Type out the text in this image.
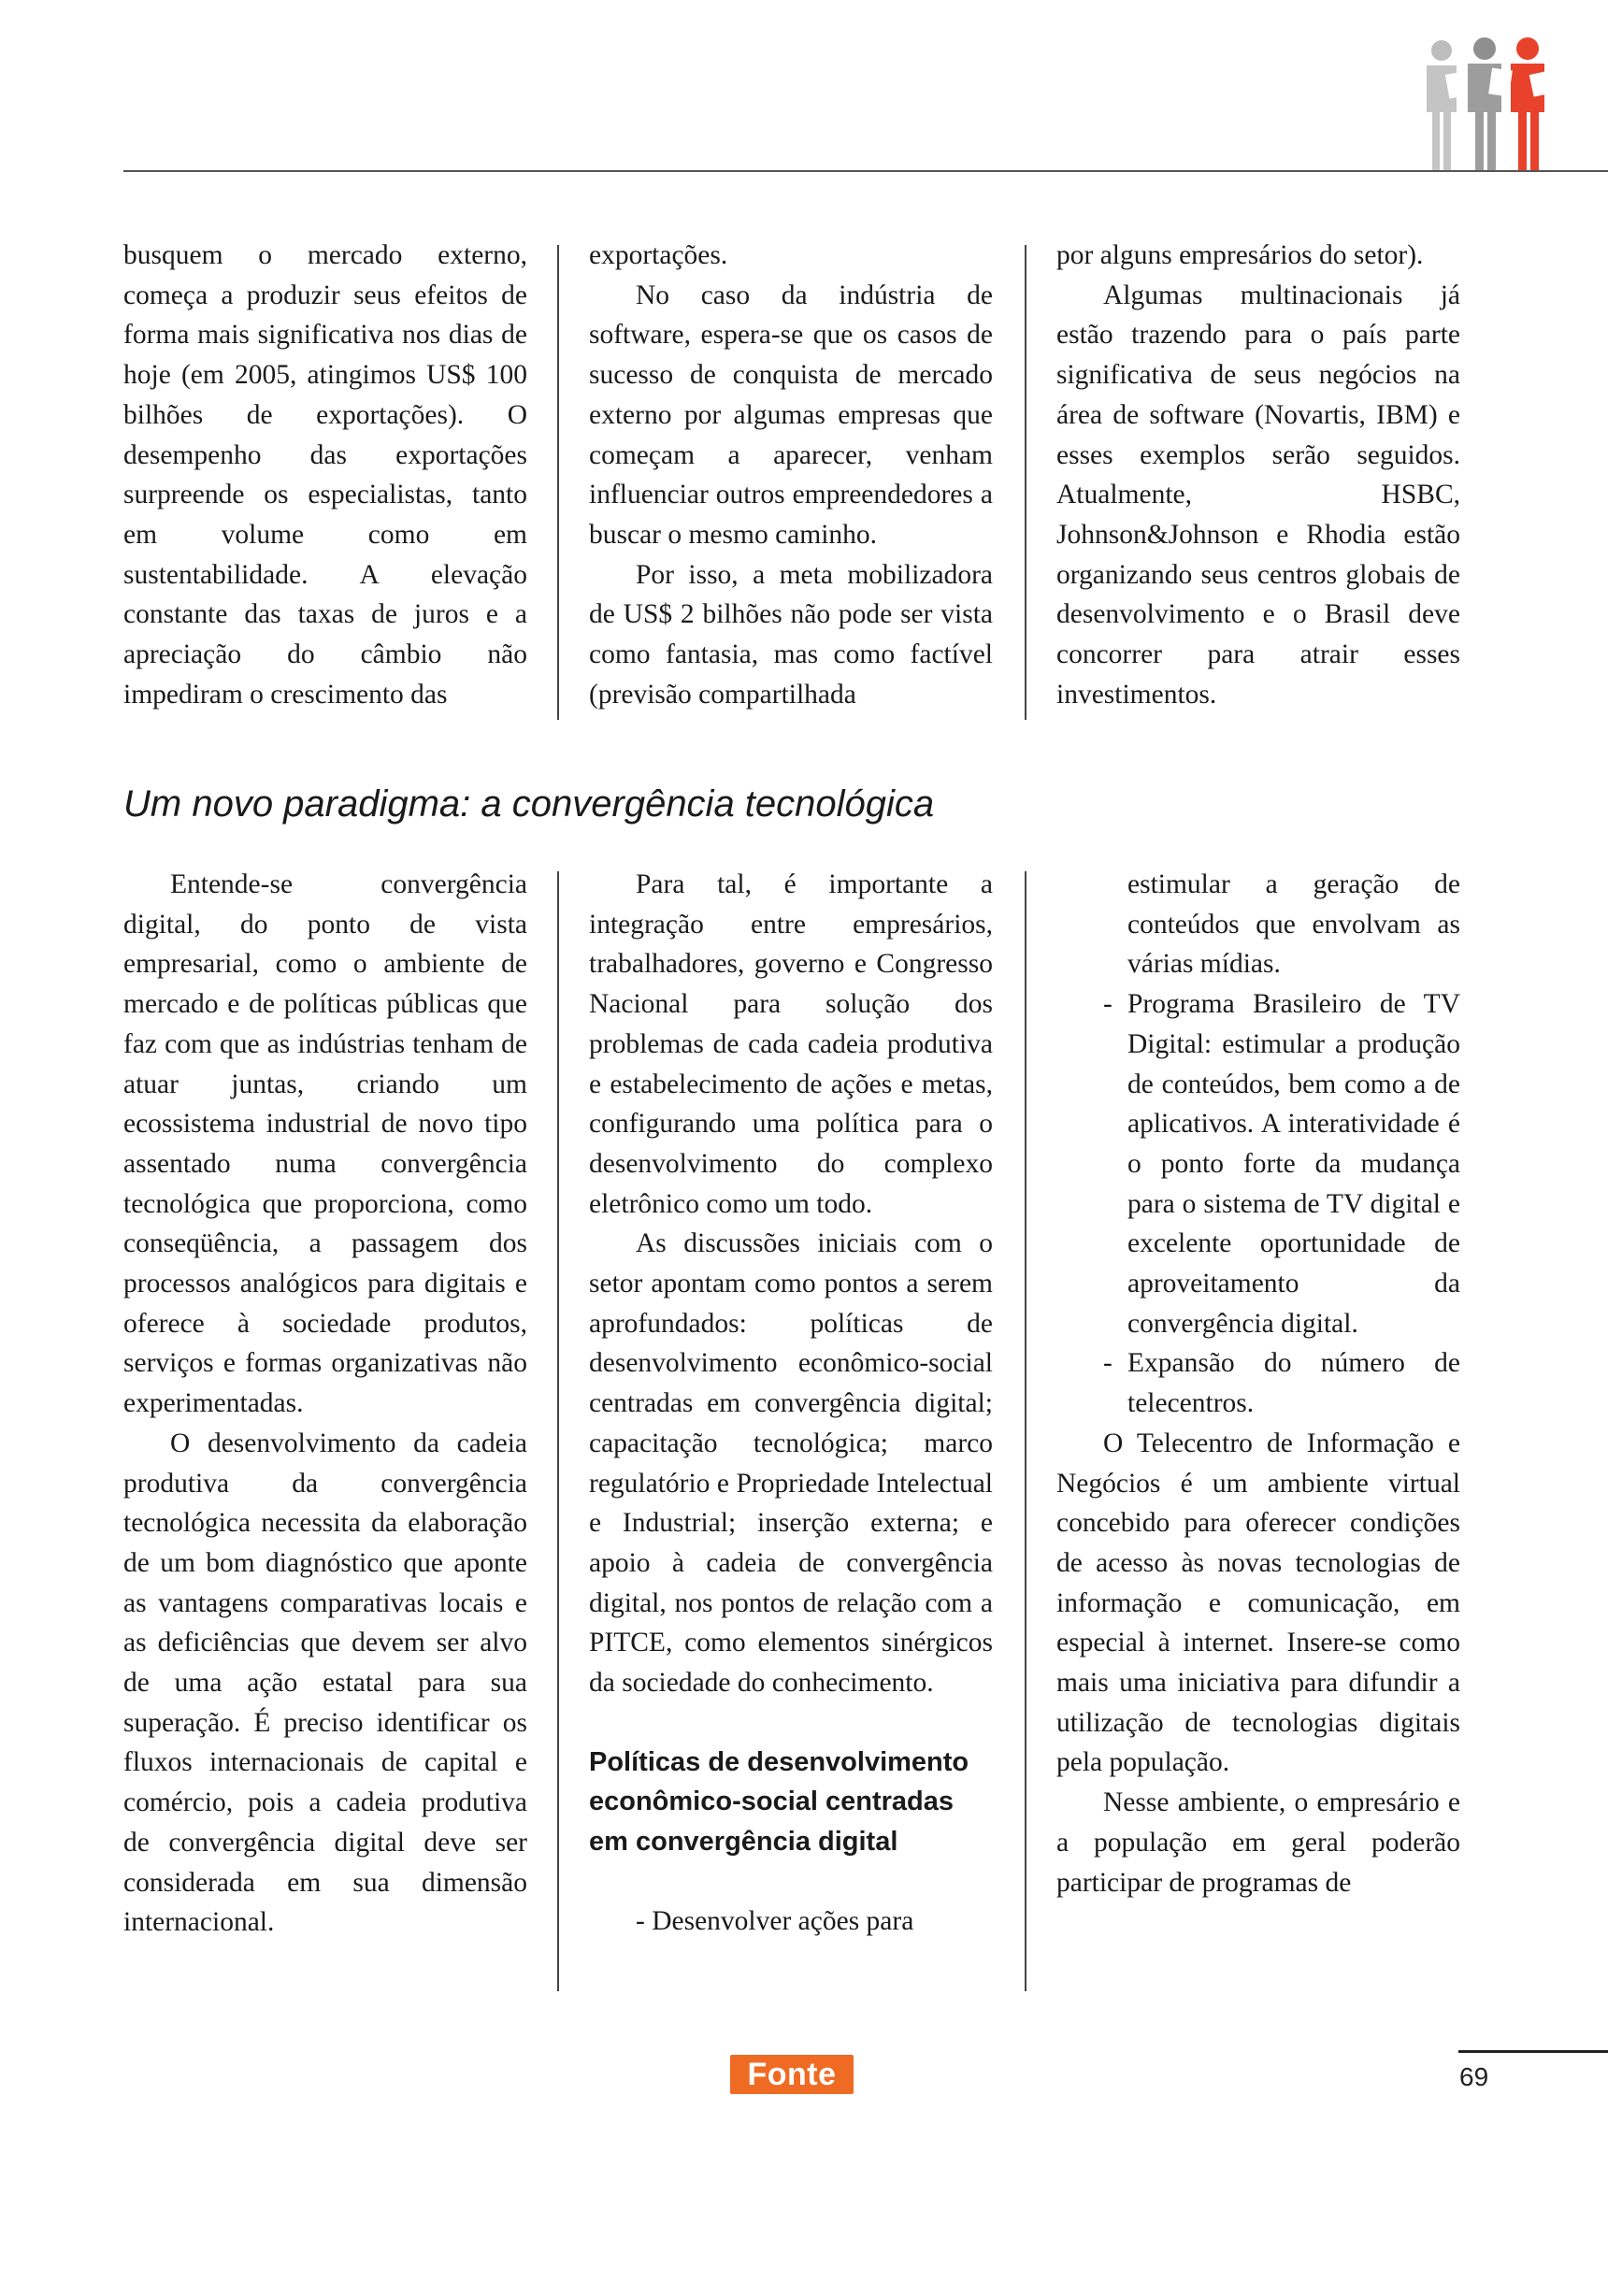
busquem o mercado externo, começa a produzir seus efeitos de forma mais significativa nos dias de hoje (em 2005, atingimos US$ 100 bilhões de exportações). O desempenho das exportações surpreende os especialistas, tanto em volume como em sustentabilidade. A elevação constante das taxas de juros e a apreciação do câmbio não impediram o crescimento das

exportações.

No caso da indústria de software, espera-se que os casos de sucesso de conquista de mercado externo por algumas empresas que começam a aparecer, venham influenciar outros empreendedores a buscar o mesmo caminho.

Por isso, a meta mobilizadora de US$ 2 bilhões não pode ser vista como fantasia, mas como factível (previsão compartilhada

por alguns empresários do setor).

Algumas multinacionais já estão trazendo para o país parte significativa de seus negócios na área de software (Novartis, IBM) e esses exemplos serão seguidos. Atualmente, HSBC, Johnson&Johnson e Rhodia estão organizando seus centros globais de desenvolvimento e o Brasil deve concorrer para atrair esses investimentos.

Um novo paradigma: a convergência tecnológica

Entende-se convergência digital, do ponto de vista empresarial, como o ambiente de mercado e de políticas públicas que faz com que as indústrias tenham de atuar juntas, criando um ecossistema industrial de novo tipo assentado numa convergência tecnológica que proporciona, como conseqüência, a passagem dos processos analógicos para digitais e oferece à sociedade produtos, serviços e formas organizativas não experimentadas.

O desenvolvimento da cadeia produtiva da convergência tecnológica necessita da elaboração de um bom diagnóstico que aponte as vantagens comparativas locais e as deficiências que devem ser alvo de uma ação estatal para sua superação. É preciso identificar os fluxos internacionais de capital e comércio, pois a cadeia produtiva de convergência digital deve ser considerada em sua dimensão internacional.

Para tal, é importante a integração entre empresários, trabalhadores, governo e Congresso Nacional para solução dos problemas de cada cadeia produtiva e estabelecimento de ações e metas, configurando uma política para o desenvolvimento do complexo eletrônico como um todo.

As discussões iniciais com o setor apontam como pontos a serem aprofundados: políticas de desenvolvimento econômico-social centradas em convergência digital; capacitação tecnológica; marco regulatório e Propriedade Intelectual e Industrial; inserção externa; e apoio à cadeia de convergência digital, nos pontos de relação com a PITCE, como elementos sinérgicos da sociedade do conhecimento.

Políticas de desenvolvimento econômico-social centradas em convergência digital

- Desenvolver ações para

estimular a geração de conteúdos que envolvam as várias mídias.

- Programa Brasileiro de TV Digital: estimular a produção de conteúdos, bem como a de aplicativos. A interatividade é o ponto forte da mudança para o sistema de TV digital e excelente oportunidade de aproveitamento da convergência digital.
- Expansão do número de telecentros.

O Telecentro de Informação e Negócios é um ambiente virtual concebido para oferecer condições de acesso às novas tecnologias de informação e comunicação, em especial à internet. Insere-se como mais uma iniciativa para difundir a utilização de tecnologias digitais pela população.

Nesse ambiente, o empresário e a população em geral poderão participar de programas de

Fonte	69
